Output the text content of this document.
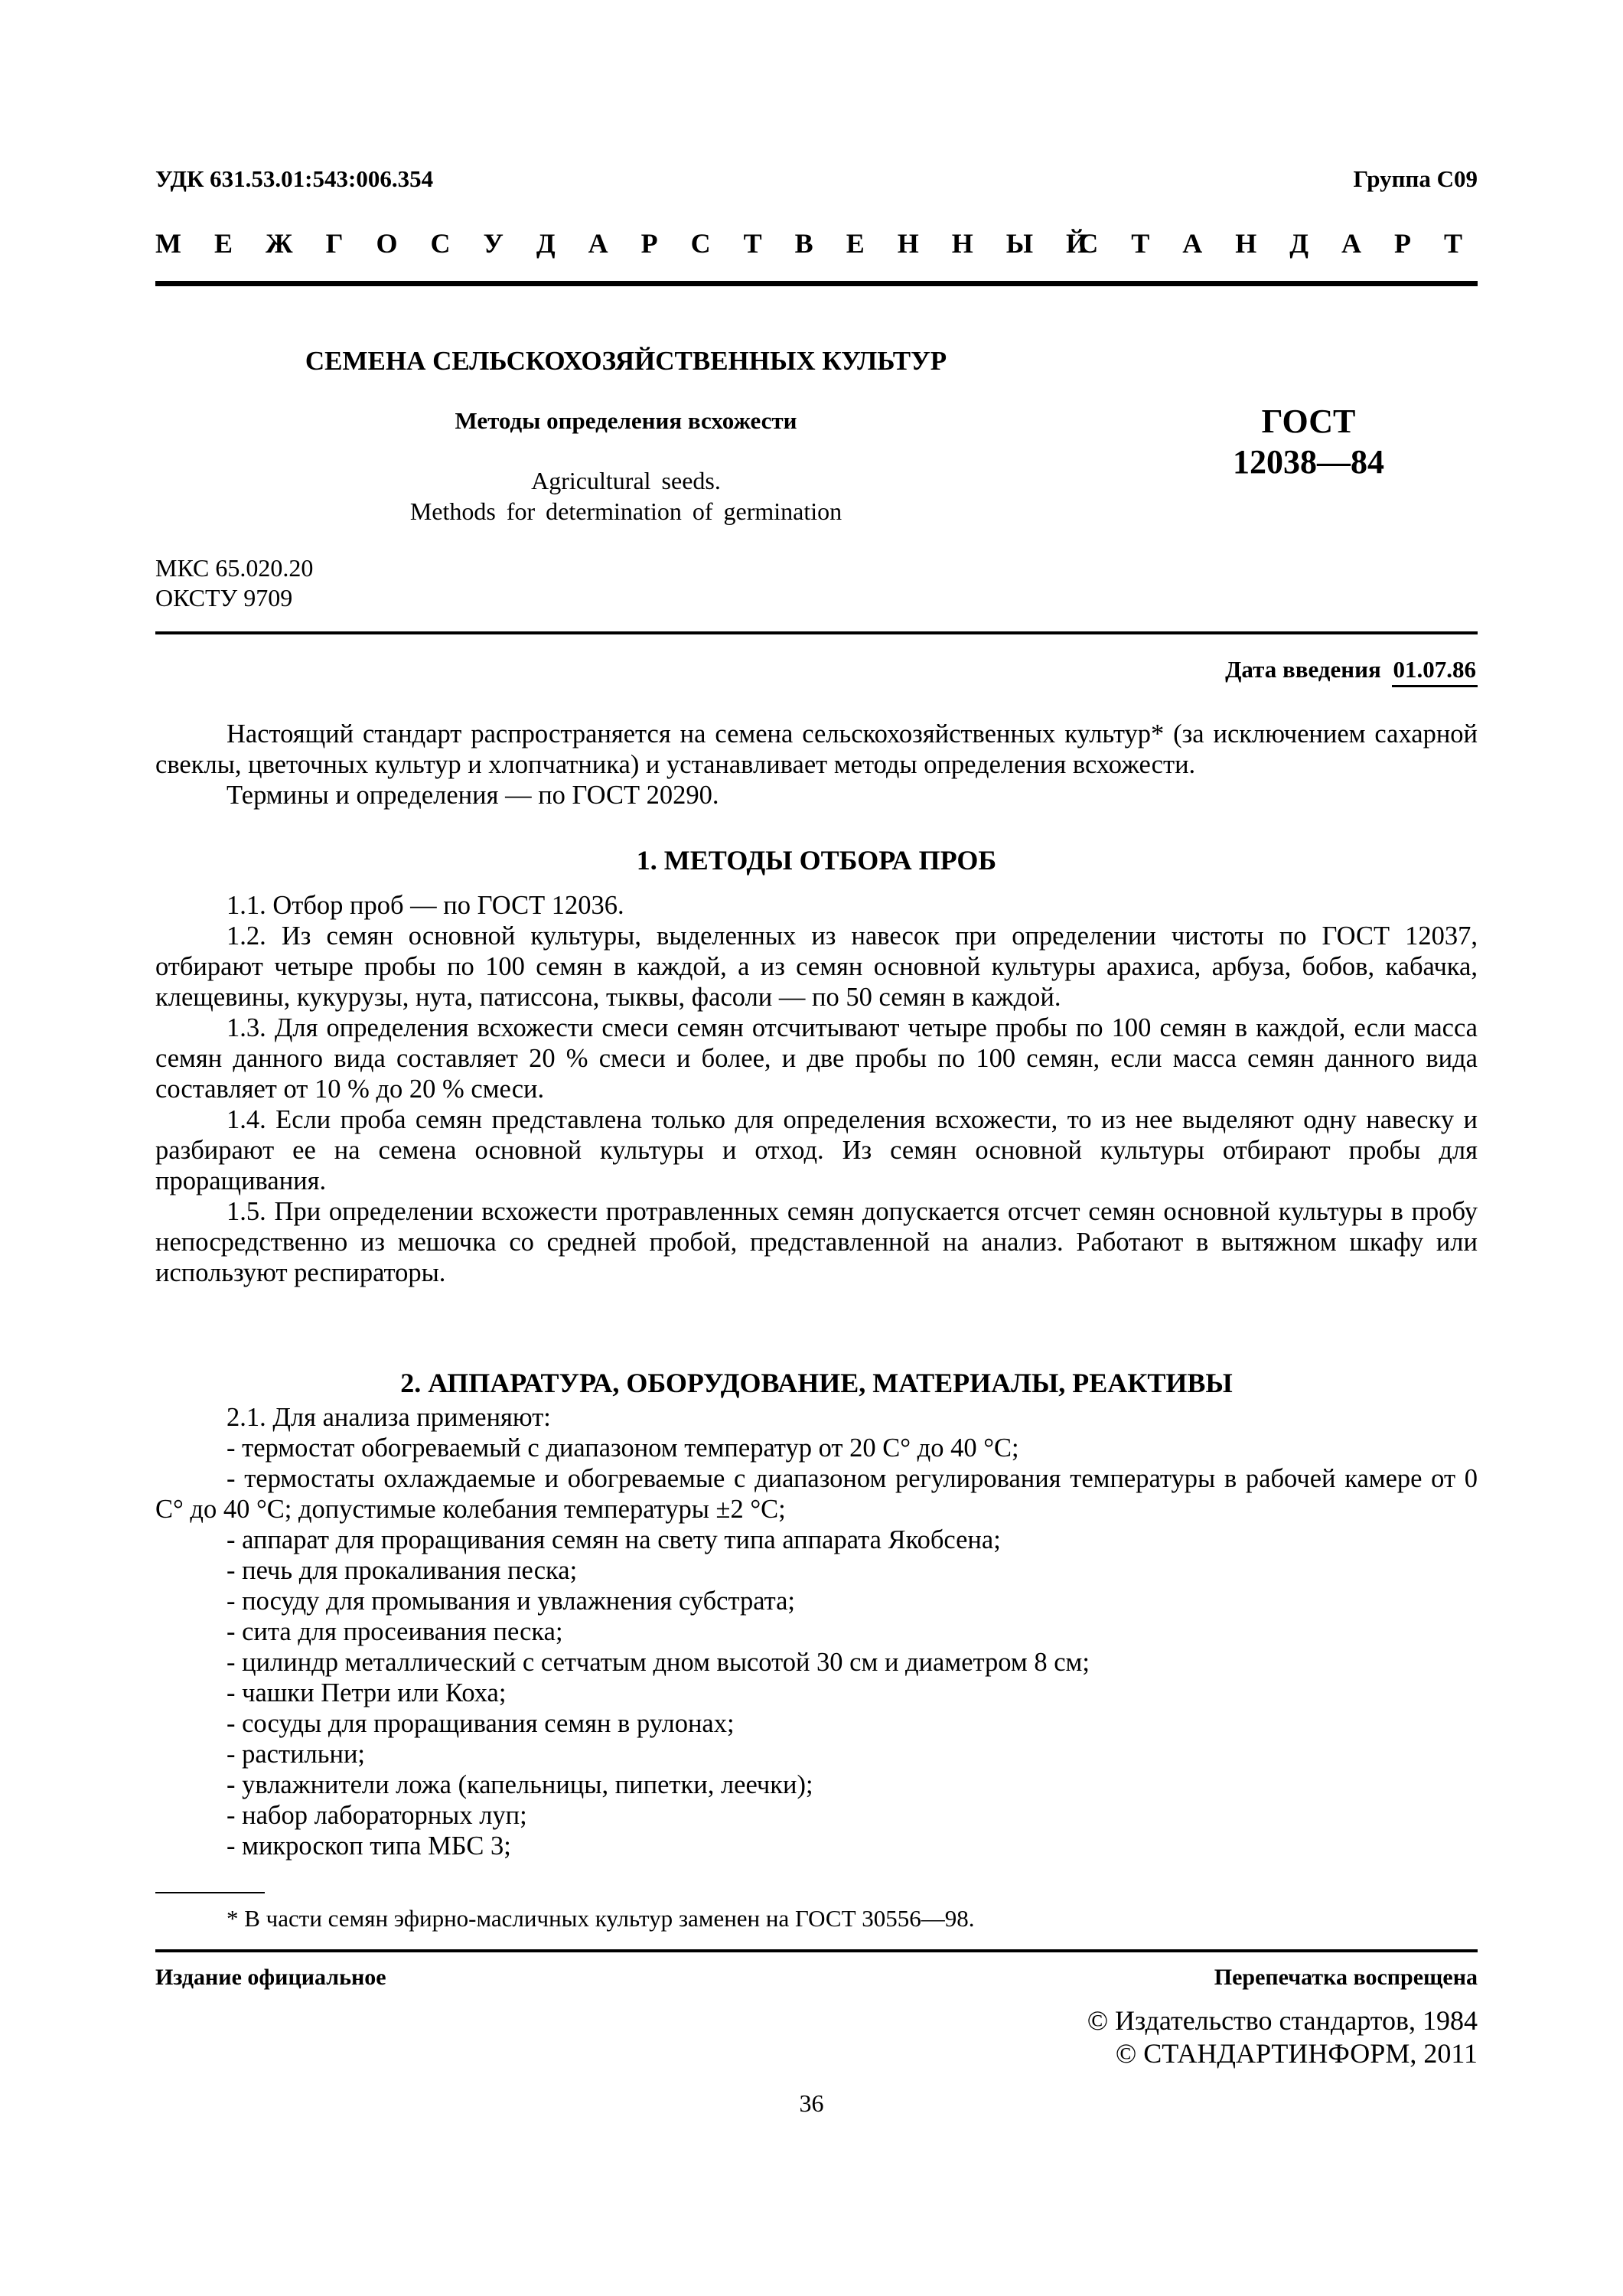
УДК 631.53.01:543:006.354	Группа С09
М Е Ж Г О С У Д А Р С Т В Е Н Н Ы Й
С Т А Н Д А Р Т
СЕМЕНА СЕЛЬСКОХОЗЯЙСТВЕННЫХ КУЛЬТУР
Методы определения всхожести
Agricultural seeds.
Methods for determination of germination
ГОСТ
12038—84
МКС 65.020.20
ОКСТУ 9709
Дата введения 01.07.86

Настоящий стандарт распространяется на семена сельскохозяйственных культур* (за исключением сахарной свеклы, цветочных культур и хлопчатника) и устанавливает методы определения всхожести.

Термины и определения — по ГОСТ 20290.

1. МЕТОДЫ ОТБОРА ПРОБ

1.1. Отбор проб — по ГОСТ 12036.

1.2. Из семян основной культуры, выделенных из навесок при определении чистоты по ГОСТ 12037, отбирают четыре пробы по 100 семян в каждой, а из семян основной культуры арахиса, арбуза, бобов, кабачка, клещевины, кукурузы, нута, патиссона, тыквы, фасоли — по 50 семян в каждой.

1.3. Для определения всхожести смеси семян отсчитывают четыре пробы по 100 семян в каждой, если масса семян данного вида составляет 20 % смеси и более, и две пробы по 100 семян, если масса семян данного вида составляет от 10 % до 20 % смеси.

1.4. Если проба семян представлена только для определения всхожести, то из нее выделяют одну навеску и разбирают ее на семена основной культуры и отход. Из семян основной культуры отбирают пробы для проращивания.

1.5. При определении всхожести протравленных семян допускается отсчет семян основной культуры в пробу непосредственно из мешочка со средней пробой, представленной на анализ. Работают в вытяжном шкафу или используют респираторы.

2. АППАРАТУРА, ОБОРУДОВАНИЕ, МАТЕРИАЛЫ, РЕАКТИВЫ

2.1. Для анализа применяют:

- термостат обогреваемый с диапазоном температур от 20 С° до 40 °С;

- термостаты охлаждаемые и обогреваемые с диапазоном регулирования температуры в рабочей камере от 0 С° до 40 °С; допустимые колебания температуры ±2 °С;

- аппарат для проращивания семян на свету типа аппарата Якобсена;

- печь для прокаливания песка;

- посуду для промывания и увлажнения субстрата;

- сита для просеивания песка;

- цилиндр металлический с сетчатым дном высотой 30 см и диаметром 8 см;

- чашки Петри или Коха;

- сосуды для проращивания семян в рулонах;

- растильни;

- увлажнители ложа (капельницы, пипетки, леечки);

- набор лабораторных луп;

- микроскоп типа МБС 3;

* В части семян эфирно-масличных культур заменен на ГОСТ 30556—98.
Издание официальное	Перепечатка воспрещена
© Издательство стандартов, 1984
© СТАНДАРТИНФОРМ, 2011
36
